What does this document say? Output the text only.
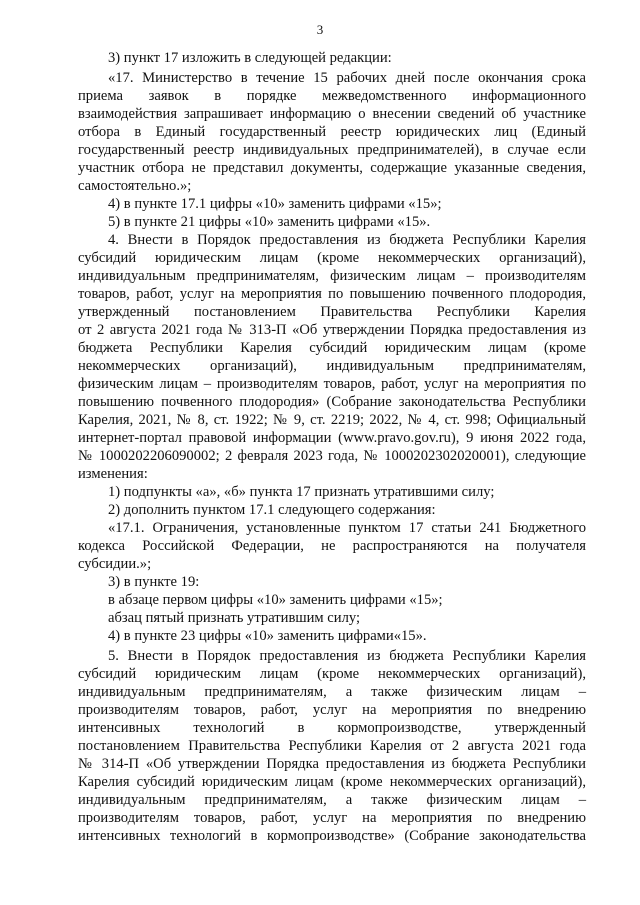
3
3) пункт 17 изложить в следующей редакции:
«17. Министерство в течение 15 рабочих дней после окончания срока
приема заявок в порядке межведомственного информационного
взаимодействия запрашивает информацию о внесении сведений об участнике
отбора в Единый государственный реестр юридических лиц (Единый
государственный реестр индивидуальных предпринимателей), в случае если
участник отбора не представил документы, содержащие указанные сведения,
самостоятельно.»;
4) в пункте 17.1 цифры «10» заменить цифрами «15»;
5) в пункте 21 цифры «10» заменить цифрами «15».
4. Внести в Порядок предоставления из бюджета Республики Карелия
субсидий юридическим лицам (кроме некоммерческих организаций),
индивидуальным предпринимателям, физическим лицам – производителям
товаров, работ, услуг на мероприятия по повышению почвенного плодородия,
утвержденный постановлением Правительства Республики Карелия
от 2 августа 2021 года № 313-П «Об утверждении Порядка предоставления из
бюджета Республики Карелия субсидий юридическим лицам (кроме
некоммерческих организаций), индивидуальным предпринимателям,
физическим лицам – производителям товаров, работ, услуг на мероприятия по
повышению почвенного плодородия» (Собрание законодательства Республики
Карелия, 2021, № 8, ст. 1922; № 9, ст. 2219; 2022, № 4, ст. 998; Официальный
интернет-портал правовой информации (www.pravo.gov.ru), 9 июня 2022 года,
№ 1000202206090002; 2 февраля 2023 года, № 1000202302020001), следующие
изменения:
1) подпункты «а», «б» пункта 17 признать утратившими силу;
2) дополнить пунктом 17.1 следующего содержания:
«17.1. Ограничения, установленные пунктом 17 статьи 241 Бюджетного
кодекса Российской Федерации, не распространяются на получателя
субсидии.»;
3) в пункте 19:
в абзаце первом цифры «10» заменить цифрами «15»;
абзац пятый признать утратившим силу;
4) в пункте 23 цифры «10» заменить цифрами«15».
5. Внести в Порядок предоставления из бюджета Республики Карелия
субсидий юридическим лицам (кроме некоммерческих организаций),
индивидуальным предпринимателям, а также физическим лицам –
производителям товаров, работ, услуг на мероприятия по внедрению
интенсивных технологий в кормопроизводстве, утвержденный
постановлением Правительства Республики Карелия от 2 августа 2021 года
№ 314-П «Об утверждении Порядка предоставления из бюджета Республики
Карелия субсидий юридическим лицам (кроме некоммерческих организаций),
индивидуальным предпринимателям, а также физическим лицам –
производителям товаров, работ, услуг на мероприятия по внедрению
интенсивных технологий в кормопроизводстве» (Собрание законодательства
